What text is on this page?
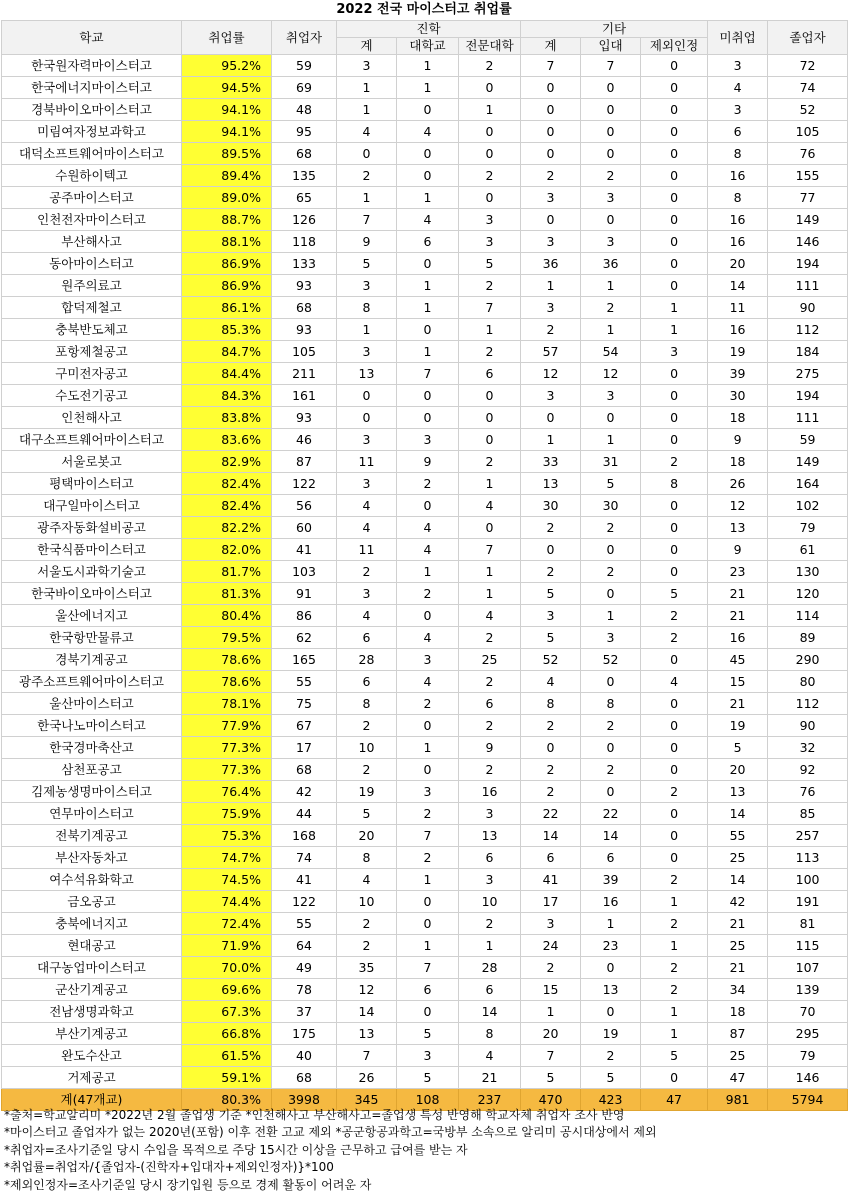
2022 전국 마이스터고 취업률
학교	취업률	취업자	진학			기타			미취업	졸업자
			계	대학교	전문대학	계	입대	제외인정		
한국원자력마이스터고	95.2%	59	3	1	2	7	7	0	3	72
한국에너지마이스터고	94.5%	69	1	1	0	0	0	0	4	74
경북바이오마이스터고	94.1%	48	1	0	1	0	0	0	3	52
미림여자정보과학고	94.1%	95	4	4	0	0	0	0	6	105
대덕소프트웨어마이스터고	89.5%	68	0	0	0	0	0	0	8	76
수원하이텍고	89.4%	135	2	0	2	2	2	0	16	155
공주마이스터고	89.0%	65	1	1	0	3	3	0	8	77
인천전자마이스터고	88.7%	126	7	4	3	0	0	0	16	149
부산해사고	88.1%	118	9	6	3	3	3	0	16	146
동아마이스터고	86.9%	133	5	0	5	36	36	0	20	194
원주의료고	86.9%	93	3	1	2	1	1	0	14	111
합덕제철고	86.1%	68	8	1	7	3	2	1	11	90
충북반도체고	85.3%	93	1	0	1	2	1	1	16	112
포항제철공고	84.7%	105	3	1	2	57	54	3	19	184
구미전자공고	84.4%	211	13	7	6	12	12	0	39	275
수도전기공고	84.3%	161	0	0	0	3	3	0	30	194
인천해사고	83.8%	93	0	0	0	0	0	0	18	111
대구소프트웨어마이스터고	83.6%	46	3	3	0	1	1	0	9	59
서울로봇고	82.9%	87	11	9	2	33	31	2	18	149
평택마이스터고	82.4%	122	3	2	1	13	5	8	26	164
대구일마이스터고	82.4%	56	4	0	4	30	30	0	12	102
광주자동화설비공고	82.2%	60	4	4	0	2	2	0	13	79
한국식품마이스터고	82.0%	41	11	4	7	0	0	0	9	61
서울도시과학기술고	81.7%	103	2	1	1	2	2	0	23	130
한국바이오마이스터고	81.3%	91	3	2	1	5	0	5	21	120
울산에너지고	80.4%	86	4	0	4	3	1	2	21	114
한국항만물류고	79.5%	62	6	4	2	5	3	2	16	89
경북기계공고	78.6%	165	28	3	25	52	52	0	45	290
광주소프트웨어마이스터고	78.6%	55	6	4	2	4	0	4	15	80
울산마이스터고	78.1%	75	8	2	6	8	8	0	21	112
한국나노마이스터고	77.9%	67	2	0	2	2	2	0	19	90
한국경마축산고	77.3%	17	10	1	9	0	0	0	5	32
삼천포공고	77.3%	68	2	0	2	2	2	0	20	92
김제농생명마이스터고	76.4%	42	19	3	16	2	0	2	13	76
연무마이스터고	75.9%	44	5	2	3	22	22	0	14	85
전북기계공고	75.3%	168	20	7	13	14	14	0	55	257
부산자동차고	74.7%	74	8	2	6	6	6	0	25	113
여수석유화학고	74.5%	41	4	1	3	41	39	2	14	100
금오공고	74.4%	122	10	0	10	17	16	1	42	191
충북에너지고	72.4%	55	2	0	2	3	1	2	21	81
현대공고	71.9%	64	2	1	1	24	23	1	25	115
대구농업마이스터고	70.0%	49	35	7	28	2	0	2	21	107
군산기계공고	69.6%	78	12	6	6	15	13	2	34	139
전남생명과학고	67.3%	37	14	0	14	1	0	1	18	70
부산기계공고	66.8%	175	13	5	8	20	19	1	87	295
완도수산고	61.5%	40	7	3	4	7	2	5	25	79
거제공고	59.1%	68	26	5	21	5	5	0	47	146
계(47개교)	80.3%	3998	345	108	237	470	423	47	981	5794
*출처=학교알리미 *2022년 2월 졸업생 기준 *인천해사고 부산해사고=졸업생 특성 반영해 학교자체 취업자 조사 반영
*마이스터고 졸업자가 없는 2020년(포함) 이후 전환 고교 제외 *공군항공과학고=국방부 소속으로 알리미 공시대상에서 제외
*취업자=조사기준일 당시 수입을 목적으로 주당 15시간 이상을 근무하고 급여를 받는 자
*취업률=취업자/{졸업자-(진학자+입대자+제외인정자)}*100
*제외인정자=조사기준일 당시 장기입원 등으로 경제 활동이 어려운 자
